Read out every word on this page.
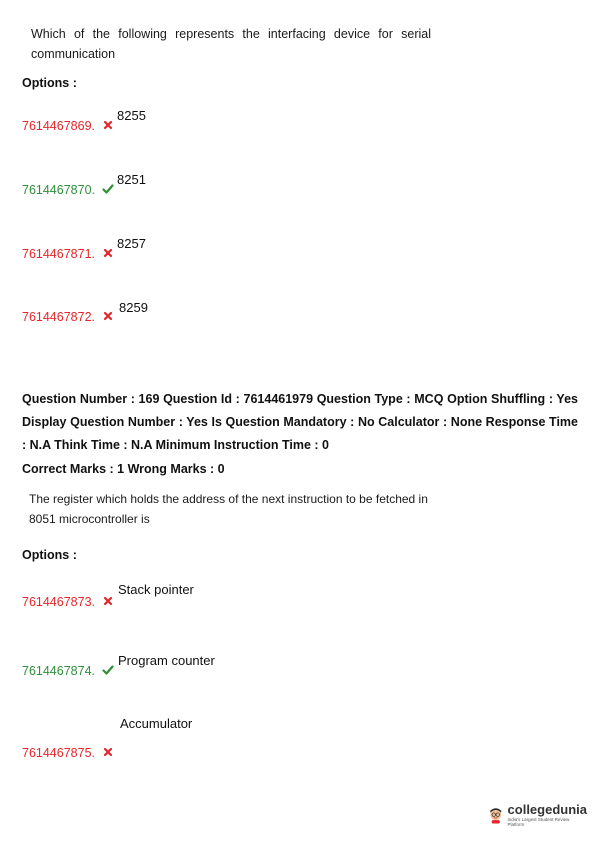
Which of the following represents the interfacing device for serial communication
Options :
7614467869.
8255
7614467870.
8251
7614467871.
8257
7614467872.
8259
Question Number : 169 Question Id : 7614461979 Question Type : MCQ Option Shuffling : Yes Display Question Number : Yes Is Question Mandatory : No Calculator : None Response Time : N.A Think Time : N.A Minimum Instruction Time : 0
Correct Marks : 1 Wrong Marks : 0
The register which holds the address of the next instruction to be fetched in 8051 microcontroller is
Options :
7614467873.
Stack pointer
7614467874.
Program counter
7614467875.
Accumulator
collegedunia
India's Largest Student Review Platform
